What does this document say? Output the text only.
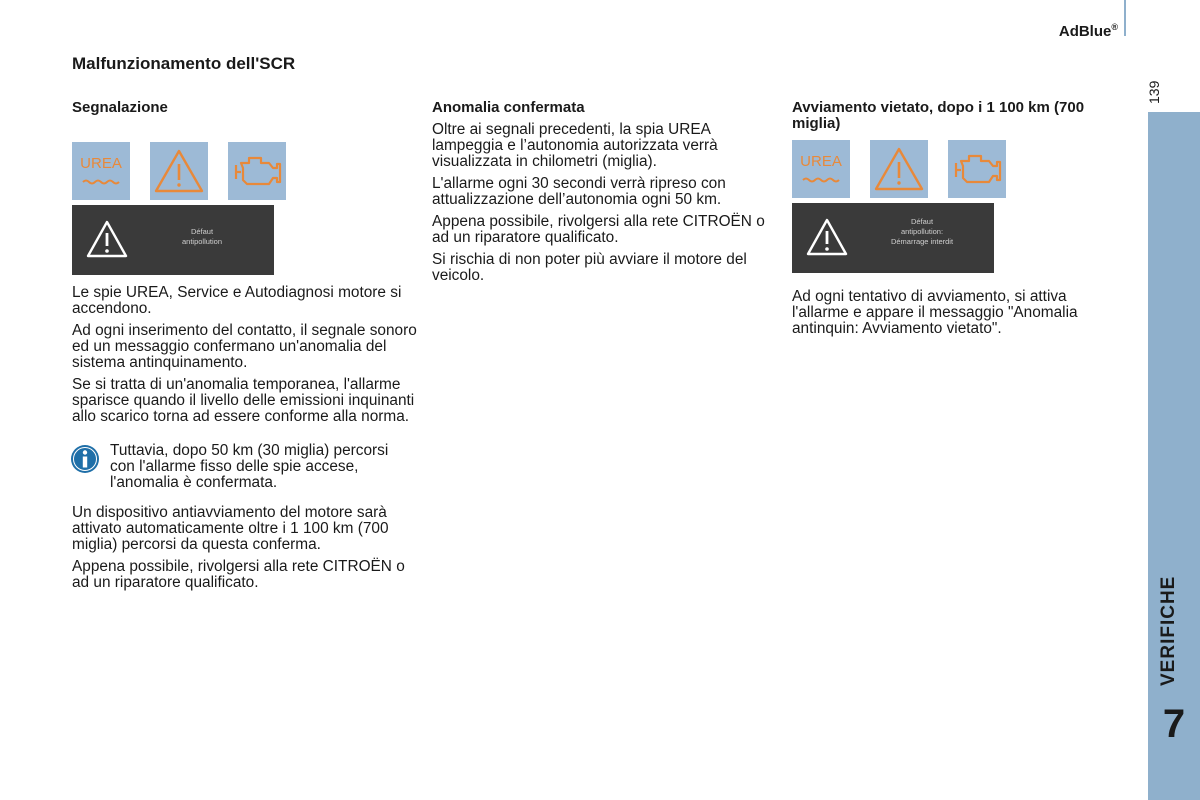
AdBlue®
139
VERIFICHE
7
Malfunzionamento dell'SCR
Segnalazione
UREA
Défaut
antipollution

Le spie UREA, Service e Autodiagnosi motore si accendono.

Ad ogni inserimento del contatto, il segnale sonoro ed un messaggio confermano un'anomalia del sistema antinquinamento.

Se si tratta di un'anomalia temporanea, l'allarme sparisce quando il livello delle emissioni inquinanti allo scarico torna ad essere conforme alla norma.

Tuttavia, dopo 50 km (30 miglia) percorsi con l'allarme fisso delle spie accese, l'anomalia è confermata.

Un dispositivo antiavviamento del motore sarà attivato automaticamente oltre i 1 100 km (700 miglia) percorsi da questa conferma.

Appena possibile, rivolgersi alla rete CITROËN o ad un riparatore qualificato.

Anomalia confermata

Oltre ai segnali precedenti, la spia UREA lampeggia e l’autonomia autorizzata verrà visualizzata in chilometri (miglia).

L'allarme ogni 30 secondi verrà ripreso con attualizzazione dell’autonomia ogni 50 km.

Appena possibile, rivolgersi alla rete CITROËN o ad un riparatore qualificato.

Si rischia di non poter più avviare il motore del veicolo.

Avviamento vietato, dopo i 1 100 km (700 miglia)
UREA
Défaut
antipollution:
Démarrage interdit

Ad ogni tentativo di avviamento, si attiva l'allarme e appare il messaggio "Anomalia antinquin: Avviamento vietato".
